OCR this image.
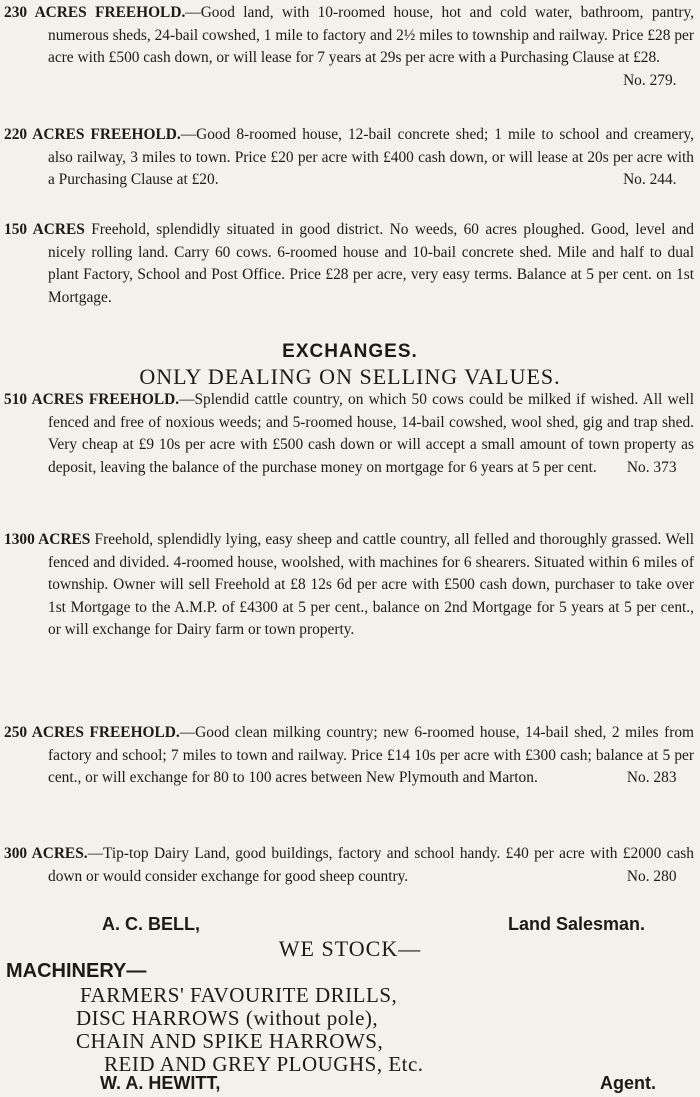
230 ACRES FREEHOLD.—Good land, with 10-roomed house, hot and cold water, bathroom, pantry, numerous sheds, 24-bail cowshed, 1 mile to factory and 2½ miles to township and railway. Price £28 per acre with £500 cash down, or will lease for 7 years at 29s per acre with a Purchasing Clause at £28.
No. 279.

220 ACRES FREEHOLD.—Good 8-roomed house, 12-bail concrete shed; 1 mile to school and creamery, also railway, 3 miles to town. Price £20 per acre with £400 cash down, or will lease at 20s per acre with a Purchasing Clause at £20.	No. 244.

150 ACRES Freehold, splendidly situated in good district. No weeds, 60 acres ploughed. Good, level and nicely rolling land. Carry 60 cows. 6-roomed house and 10-bail concrete shed. Mile and half to dual plant Factory, School and Post Office. Price £28 per acre, very easy terms. Balance at 5 per cent. on 1st Mortgage.

EXCHANGES.
ONLY DEALING ON SELLING VALUES.

510 ACRES FREEHOLD.—Splendid cattle country, on which 50 cows could be milked if wished. All well fenced and free of noxious weeds; and 5-roomed house, 14-bail cowshed, wool shed, gig and trap shed. Very cheap at £9 10s per acre with £500 cash down or will accept a small amount of town property as deposit, leaving the balance of the purchase money on mortgage for 6 years at 5 per cent. No. 373

1300 ACRES Freehold, splendidly lying, easy sheep and cattle country, all felled and thoroughly grassed. Well fenced and divided. 4-roomed house, woolshed, with machines for 6 shearers. Situated within 6 miles of township. Owner will sell Freehold at £8 12s 6d per acre with £500 cash down, purchaser to take over 1st Mortgage to the A.M.P. of £4300 at 5 per cent., balance on 2nd Mortgage for 5 years at 5 per cent., or will exchange for Dairy farm or town property.

250 ACRES FREEHOLD.—Good clean milking country; new 6-roomed house, 14-bail shed, 2 miles from factory and school; 7 miles to town and railway. Price £14 10s per acre with £300 cash; balance at 5 per cent., or will exchange for 80 to 100 acres between New Plymouth and Marton.	No. 283

300 ACRES.—Tip-top Dairy Land, good buildings, factory and school handy. £40 per acre with £2000 cash down or would consider exchange for good sheep country.	No. 280

A. C. BELL,	Land Salesman.
WE STOCK—
MACHINERY—
FARMERS' FAVOURITE DRILLS,
DISC HARROWS (without pole),
CHAIN AND SPIKE HARROWS,
REID AND GREY PLOUGHS, Etc.
W. A. HEWITT,	Agent.
